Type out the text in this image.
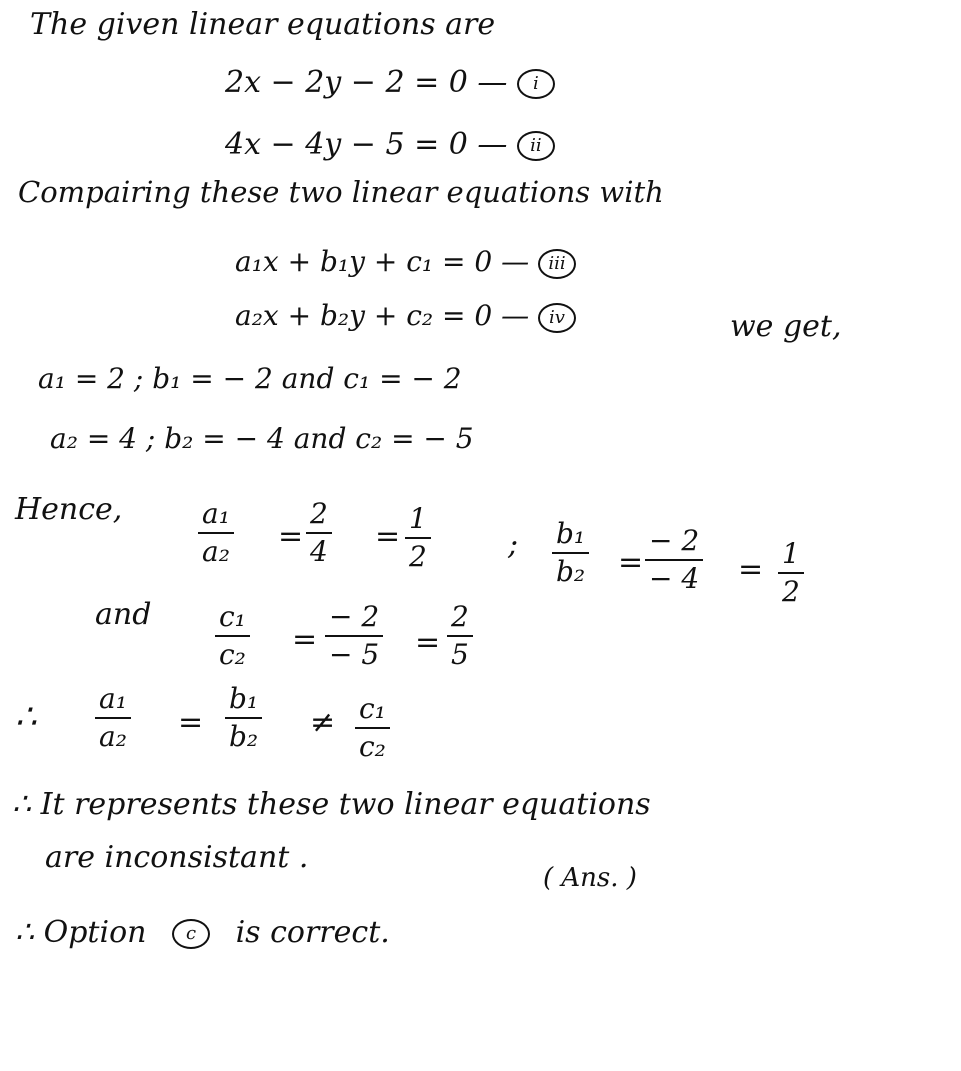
The given linear equations are
2x − 2y − 2 = 0 — i
4x − 4y − 5 = 0 — ii
Compairing these two linear equations with
a₁x + b₁y + c₁ = 0 — iii
a₂x + b₂y + c₂ = 0 — iv	we get,
a₁ = 2 ; b₁ = − 2 and c₁ = − 2
a₂ = 4 ; b₂ = − 4 and c₂ = − 5
Hence,	a₁
a₂ =
2
4 =
1
2	; b₁
b₂ =
− 2
− 4 = 1
2
and c₁
c₂ =
− 2
− 5 =
2
5
∴ a₁
a₂ =
b₁
b₂ ≠ c₁
c₂
∴ It represents these two linear equations
are inconsistant .
( Ans. )
∴ Option c is correct.
